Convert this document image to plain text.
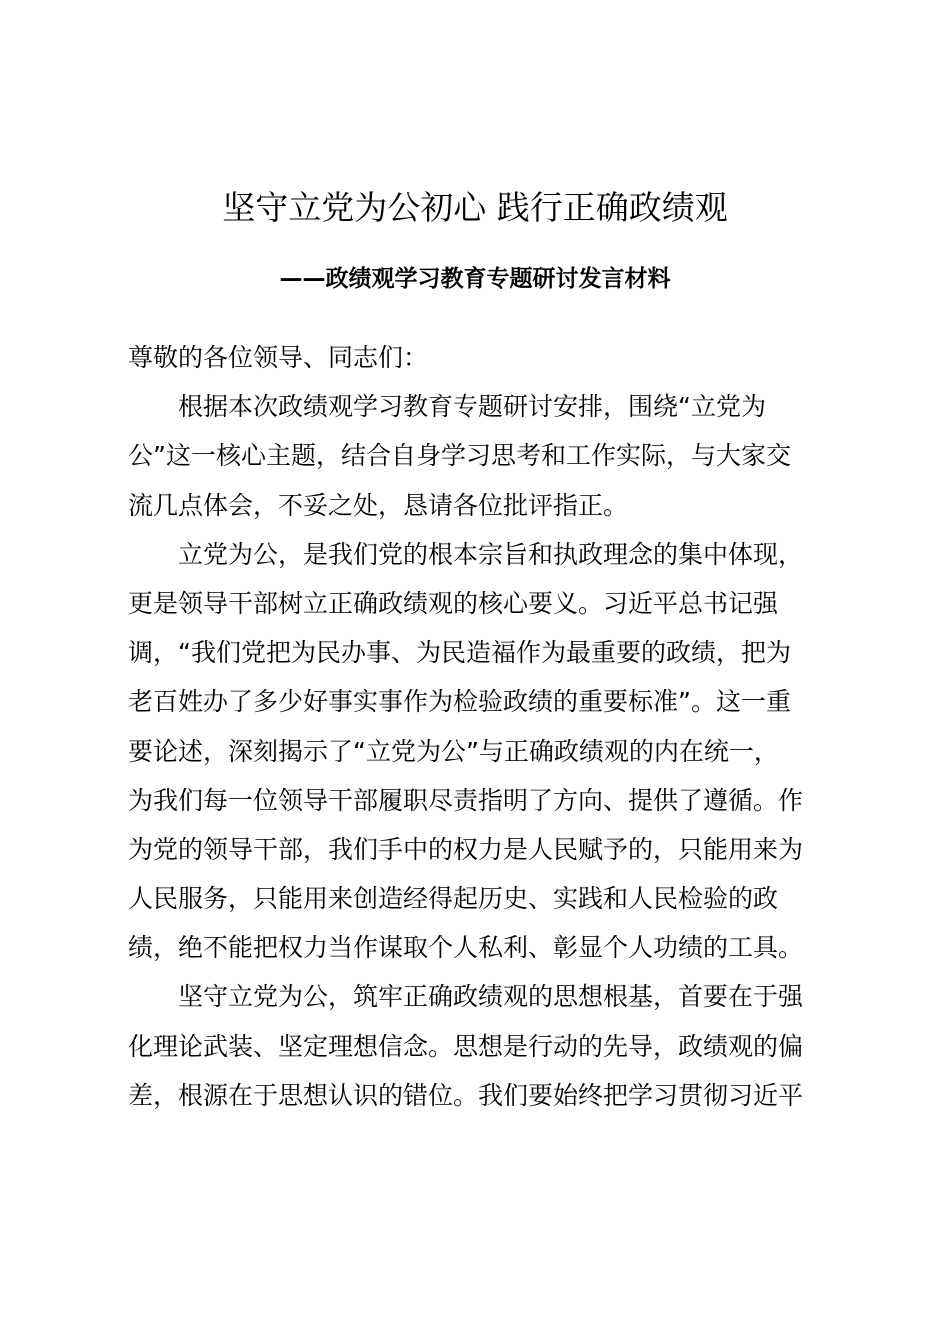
坚守立党为公初心 践行正确政绩观
——政绩观学习教育专题研讨发言材料
尊敬的各位领导、同志们：
根据本次政绩观学习教育专题研讨安排，围绕“立党为
公”这一核心主题，结合自身学习思考和工作实际，与大家交
流几点体会，不妥之处，恳请各位批评指正。
立党为公，是我们党的根本宗旨和执政理念的集中体现，
更是领导干部树立正确政绩观的核心要义。习近平总书记强
调，“我们党把为民办事、为民造福作为最重要的政绩，把为
老百姓办了多少好事实事作为检验政绩的重要标准”。这一重
要论述，深刻揭示了“立党为公”与正确政绩观的内在统一，
为我们每一位领导干部履职尽责指明了方向、提供了遵循。作
为党的领导干部，我们手中的权力是人民赋予的，只能用来为
人民服务，只能用来创造经得起历史、实践和人民检验的政
绩，绝不能把权力当作谋取个人私利、彰显个人功绩的工具。
坚守立党为公，筑牢正确政绩观的思想根基，首要在于强
化理论武装、坚定理想信念。思想是行动的先导，政绩观的偏
差，根源在于思想认识的错位。我们要始终把学习贯彻习近平
